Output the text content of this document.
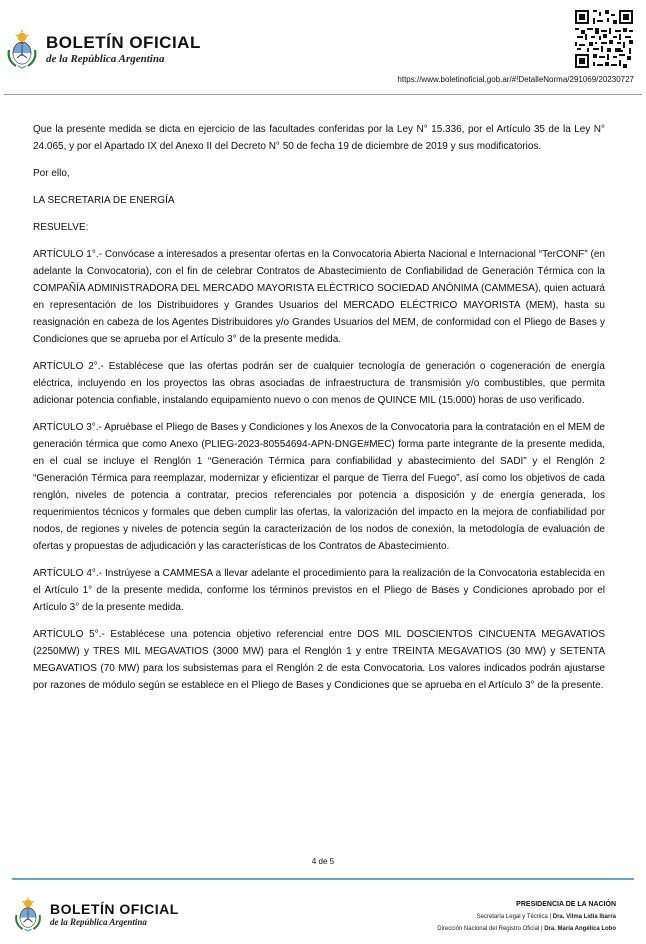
BOLETÍN OFICIAL
de la República Argentina
https://www.boletinoficial.gob.ar/#!DetalleNorma/291069/20230727

Que la presente medida se dicta en ejercicio de las facultades conferidas por la Ley N° 15.336, por el Artículo 35 de la Ley N° 24.065, y por el Apartado IX del Anexo II del Decreto N° 50 de fecha 19 de diciembre de 2019 y sus modificatorios.

Por ello,

LA SECRETARIA DE ENERGÍA

RESUELVE:

ARTÍCULO 1°.- Convócase a interesados a presentar ofertas en la Convocatoria Abierta Nacional e Internacional “TerCONF” (en adelante la Convocatoria), con el fin de celebrar Contratos de Abastecimiento de Confiabilidad de Generación Térmica con la COMPAÑÍA ADMINISTRADORA DEL MERCADO MAYORISTA ELÉCTRICO SOCIEDAD ANÓNIMA (CAMMESA), quien actuará en representación de los Distribuidores y Grandes Usuarios del MERCADO ELÉCTRICO MAYORISTA (MEM), hasta su reasignación en cabeza de los Agentes Distribuidores y/o Grandes Usuarios del MEM, de conformidad con el Pliego de Bases y Condiciones que se aprueba por el Artículo 3° de la presente medida.

ARTÍCULO 2°.- Establécese que las ofertas podrán ser de cualquier tecnología de generación o cogeneración de energía eléctrica, incluyendo en los proyectos las obras asociadas de infraestructura de transmisión y/o combustibles, que permita adicionar potencia confiable, instalando equipamiento nuevo o con menos de QUINCE MIL (15.000) horas de uso verificado.

ARTÍCULO 3°.- Apruébase el Pliego de Bases y Condiciones y los Anexos de la Convocatoria para la contratación en el MEM de generación térmica que como Anexo (PLIEG-2023-80554694-APN-DNGE#MEC) forma parte integrante de la presente medida, en el cual se incluye el Renglón 1 “Generación Térmica para confiabilidad y abastecimiento del SADI” y el Renglón 2 “Generación Térmica para reemplazar, modernizar y eficientizar el parque de Tierra del Fuego”, así como los objetivos de cada renglón, niveles de potencia a contratar, precios referenciales por potencia a disposición y de energía generada, los requerimientos técnicos y formales que deben cumplir las ofertas, la valorización del impacto en la mejora de confiabilidad por nodos, de regiones y niveles de potencia según la caracterización de los nodos de conexión, la metodología de evaluación de ofertas y propuestas de adjudicación y las características de los Contratos de Abastecimiento.

ARTÍCULO 4°.- Instrúyese a CAMMESA a llevar adelante el procedimiento para la realización de la Convocatoria establecida en el Artículo 1° de la presente medida, conforme los términos previstos en el Pliego de Bases y Condiciones aprobado por el Artículo 3° de la presente medida.

ARTÍCULO 5°.- Establécese una potencia objetivo referencial entre DOS MIL DOSCIENTOS CINCUENTA MEGAVATIOS (2250MW) y TRES MIL MEGAVATIOS (3000 MW) para el Renglón 1 y entre TREINTA MEGAVATIOS (30 MW) y SETENTA MEGAVATIOS (70 MW) para los subsistemas para el Renglón 2 de esta Convocatoria. Los valores indicados podrán ajustarse por razones de módulo según se establece en el Pliego de Bases y Condiciones que se aprueba en el Artículo 3° de la presente.

4 de 5
BOLETÍN OFICIAL
de la República Argentina
PRESIDENCIA DE LA NACIÓN
Secretaría Legal y Técnica | Dra. Vilma Lidia Ibarra
Dirección Nacional del Registro Oficial | Dra. María Angélica Lobo
